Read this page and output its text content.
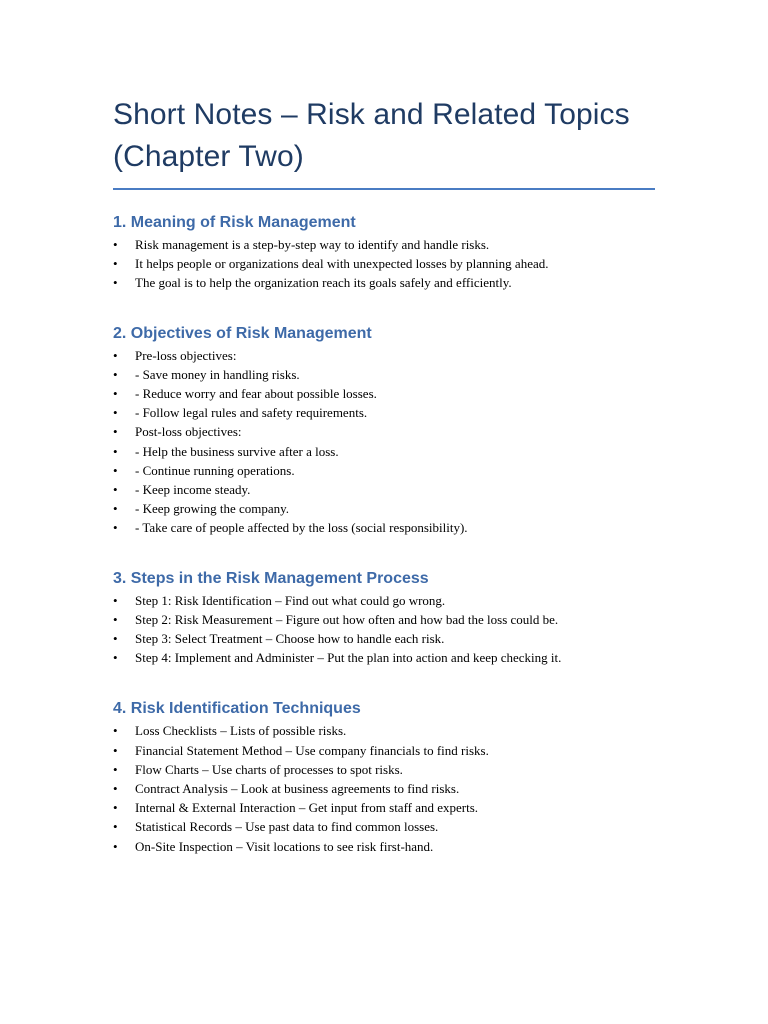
Short Notes – Risk and Related Topics
(Chapter Two)
1. Meaning of Risk Management
• Risk management is a step-by-step way to identify and handle risks.
• It helps people or organizations deal with unexpected losses by planning ahead.
• The goal is to help the organization reach its goals safely and efficiently.
2. Objectives of Risk Management
• Pre-loss objectives:
• - Save money in handling risks.
• - Reduce worry and fear about possible losses.
• - Follow legal rules and safety requirements.
• Post-loss objectives:
• - Help the business survive after a loss.
• - Continue running operations.
• - Keep income steady.
• - Keep growing the company.
• - Take care of people affected by the loss (social responsibility).
3. Steps in the Risk Management Process
• Step 1: Risk Identification – Find out what could go wrong.
• Step 2: Risk Measurement – Figure out how often and how bad the loss could be.
• Step 3: Select Treatment – Choose how to handle each risk.
• Step 4: Implement and Administer – Put the plan into action and keep checking it.
4. Risk Identification Techniques
• Loss Checklists – Lists of possible risks.
• Financial Statement Method – Use company financials to find risks.
• Flow Charts – Use charts of processes to spot risks.
• Contract Analysis – Look at business agreements to find risks.
• Internal & External Interaction – Get input from staff and experts.
• Statistical Records – Use past data to find common losses.
• On-Site Inspection – Visit locations to see risk first-hand.
